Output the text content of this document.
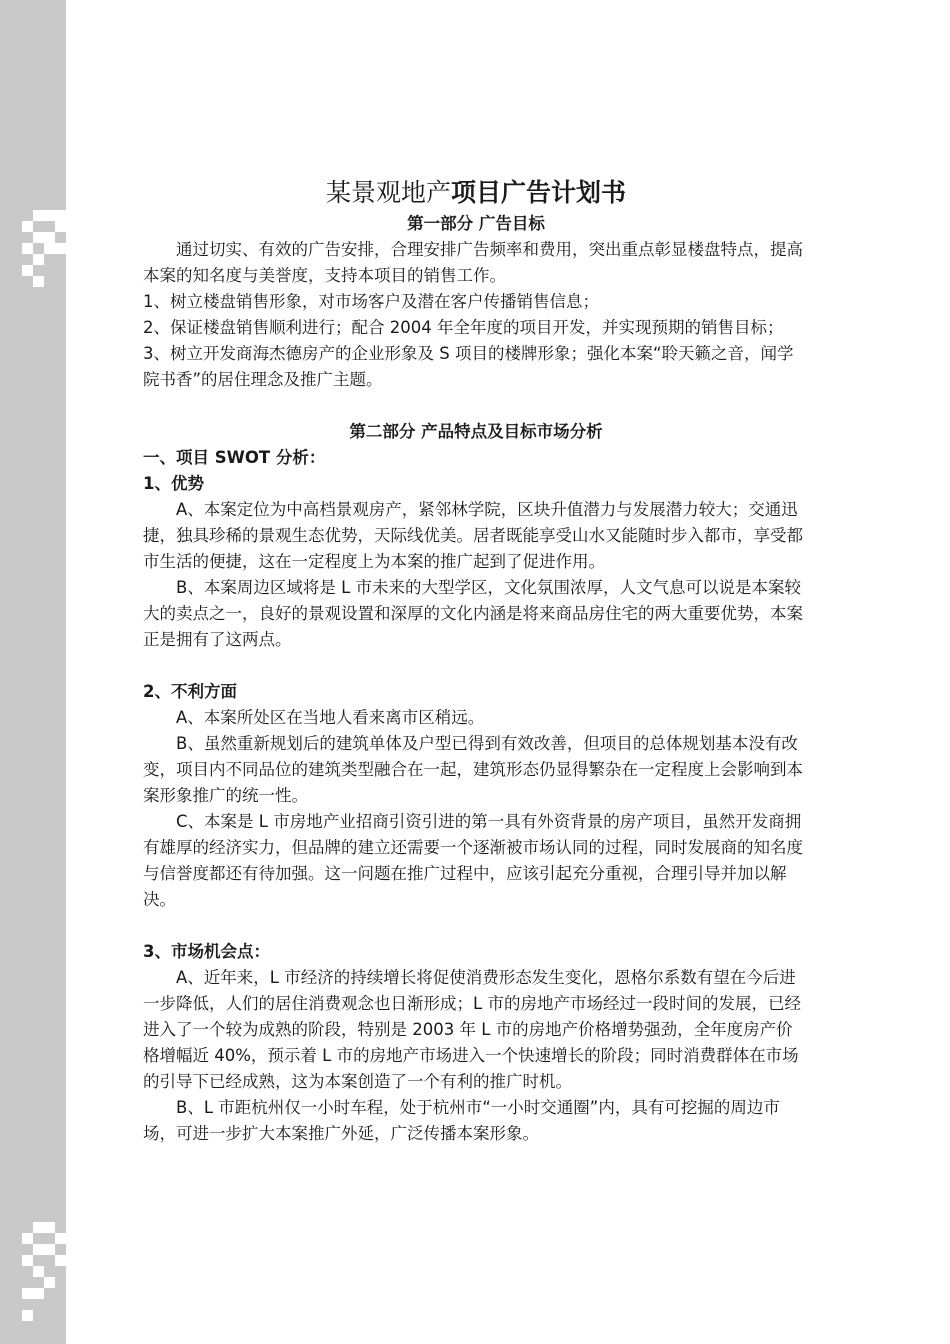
某景观地产项目广告计划书
第一部分 广告目标

通过切实、有效的广告安排，合理安排广告频率和费用，突出重点彰显楼盘特点，提高本案的知名度与美誉度，支持本项目的销售工作。

1、树立楼盘销售形象，对市场客户及潜在客户传播销售信息；

2、保证楼盘销售顺利进行；配合 2004 年全年度的项目开发，并实现预期的销售目标；

3、树立开发商海杰德房产的企业形象及 S 项目的楼牌形象；强化本案“聆天籁之音，闻学院书香”的居住理念及推广主题。

第二部分 产品特点及目标市场分析

一、项目 SWOT 分析：

1、优势

A、本案定位为中高档景观房产，紧邻林学院，区块升值潜力与发展潜力较大；交通迅捷，独具珍稀的景观生态优势，天际线优美。居者既能享受山水又能随时步入都市，享受都市生活的便捷，这在一定程度上为本案的推广起到了促进作用。

B、本案周边区域将是 L 市未来的大型学区，文化氛围浓厚，人文气息可以说是本案较大的卖点之一，良好的景观设置和深厚的文化内涵是将来商品房住宅的两大重要优势，本案正是拥有了这两点。

2、不利方面

A、本案所处区在当地人看来离市区稍远。

B、虽然重新规划后的建筑单体及户型已得到有效改善，但项目的总体规划基本没有改变，项目内不同品位的建筑类型融合在一起，建筑形态仍显得繁杂在一定程度上会影响到本案形象推广的统一性。

C、本案是 L 市房地产业招商引资引进的第一具有外资背景的房产项目，虽然开发商拥有雄厚的经济实力，但品牌的建立还需要一个逐渐被市场认同的过程，同时发展商的知名度与信誉度都还有待加强。这一问题在推广过程中，应该引起充分重视，合理引导并加以解决。

3、市场机会点：

A、近年来，L 市经济的持续增长将促使消费形态发生变化，恩格尔系数有望在今后进一步降低，人们的居住消费观念也日渐形成；L 市的房地产市场经过一段时间的发展，已经进入了一个较为成熟的阶段，特别是 2003 年 L 市的房地产价格增势强劲，全年度房产价格增幅近 40%，预示着 L 市的房地产市场进入一个快速增长的阶段；同时消费群体在市场的引导下已经成熟，这为本案创造了一个有利的推广时机。

B、L 市距杭州仅一小时车程，处于杭州市“一小时交通圈”内，具有可挖掘的周边市场，可进一步扩大本案推广外延，广泛传播本案形象。
